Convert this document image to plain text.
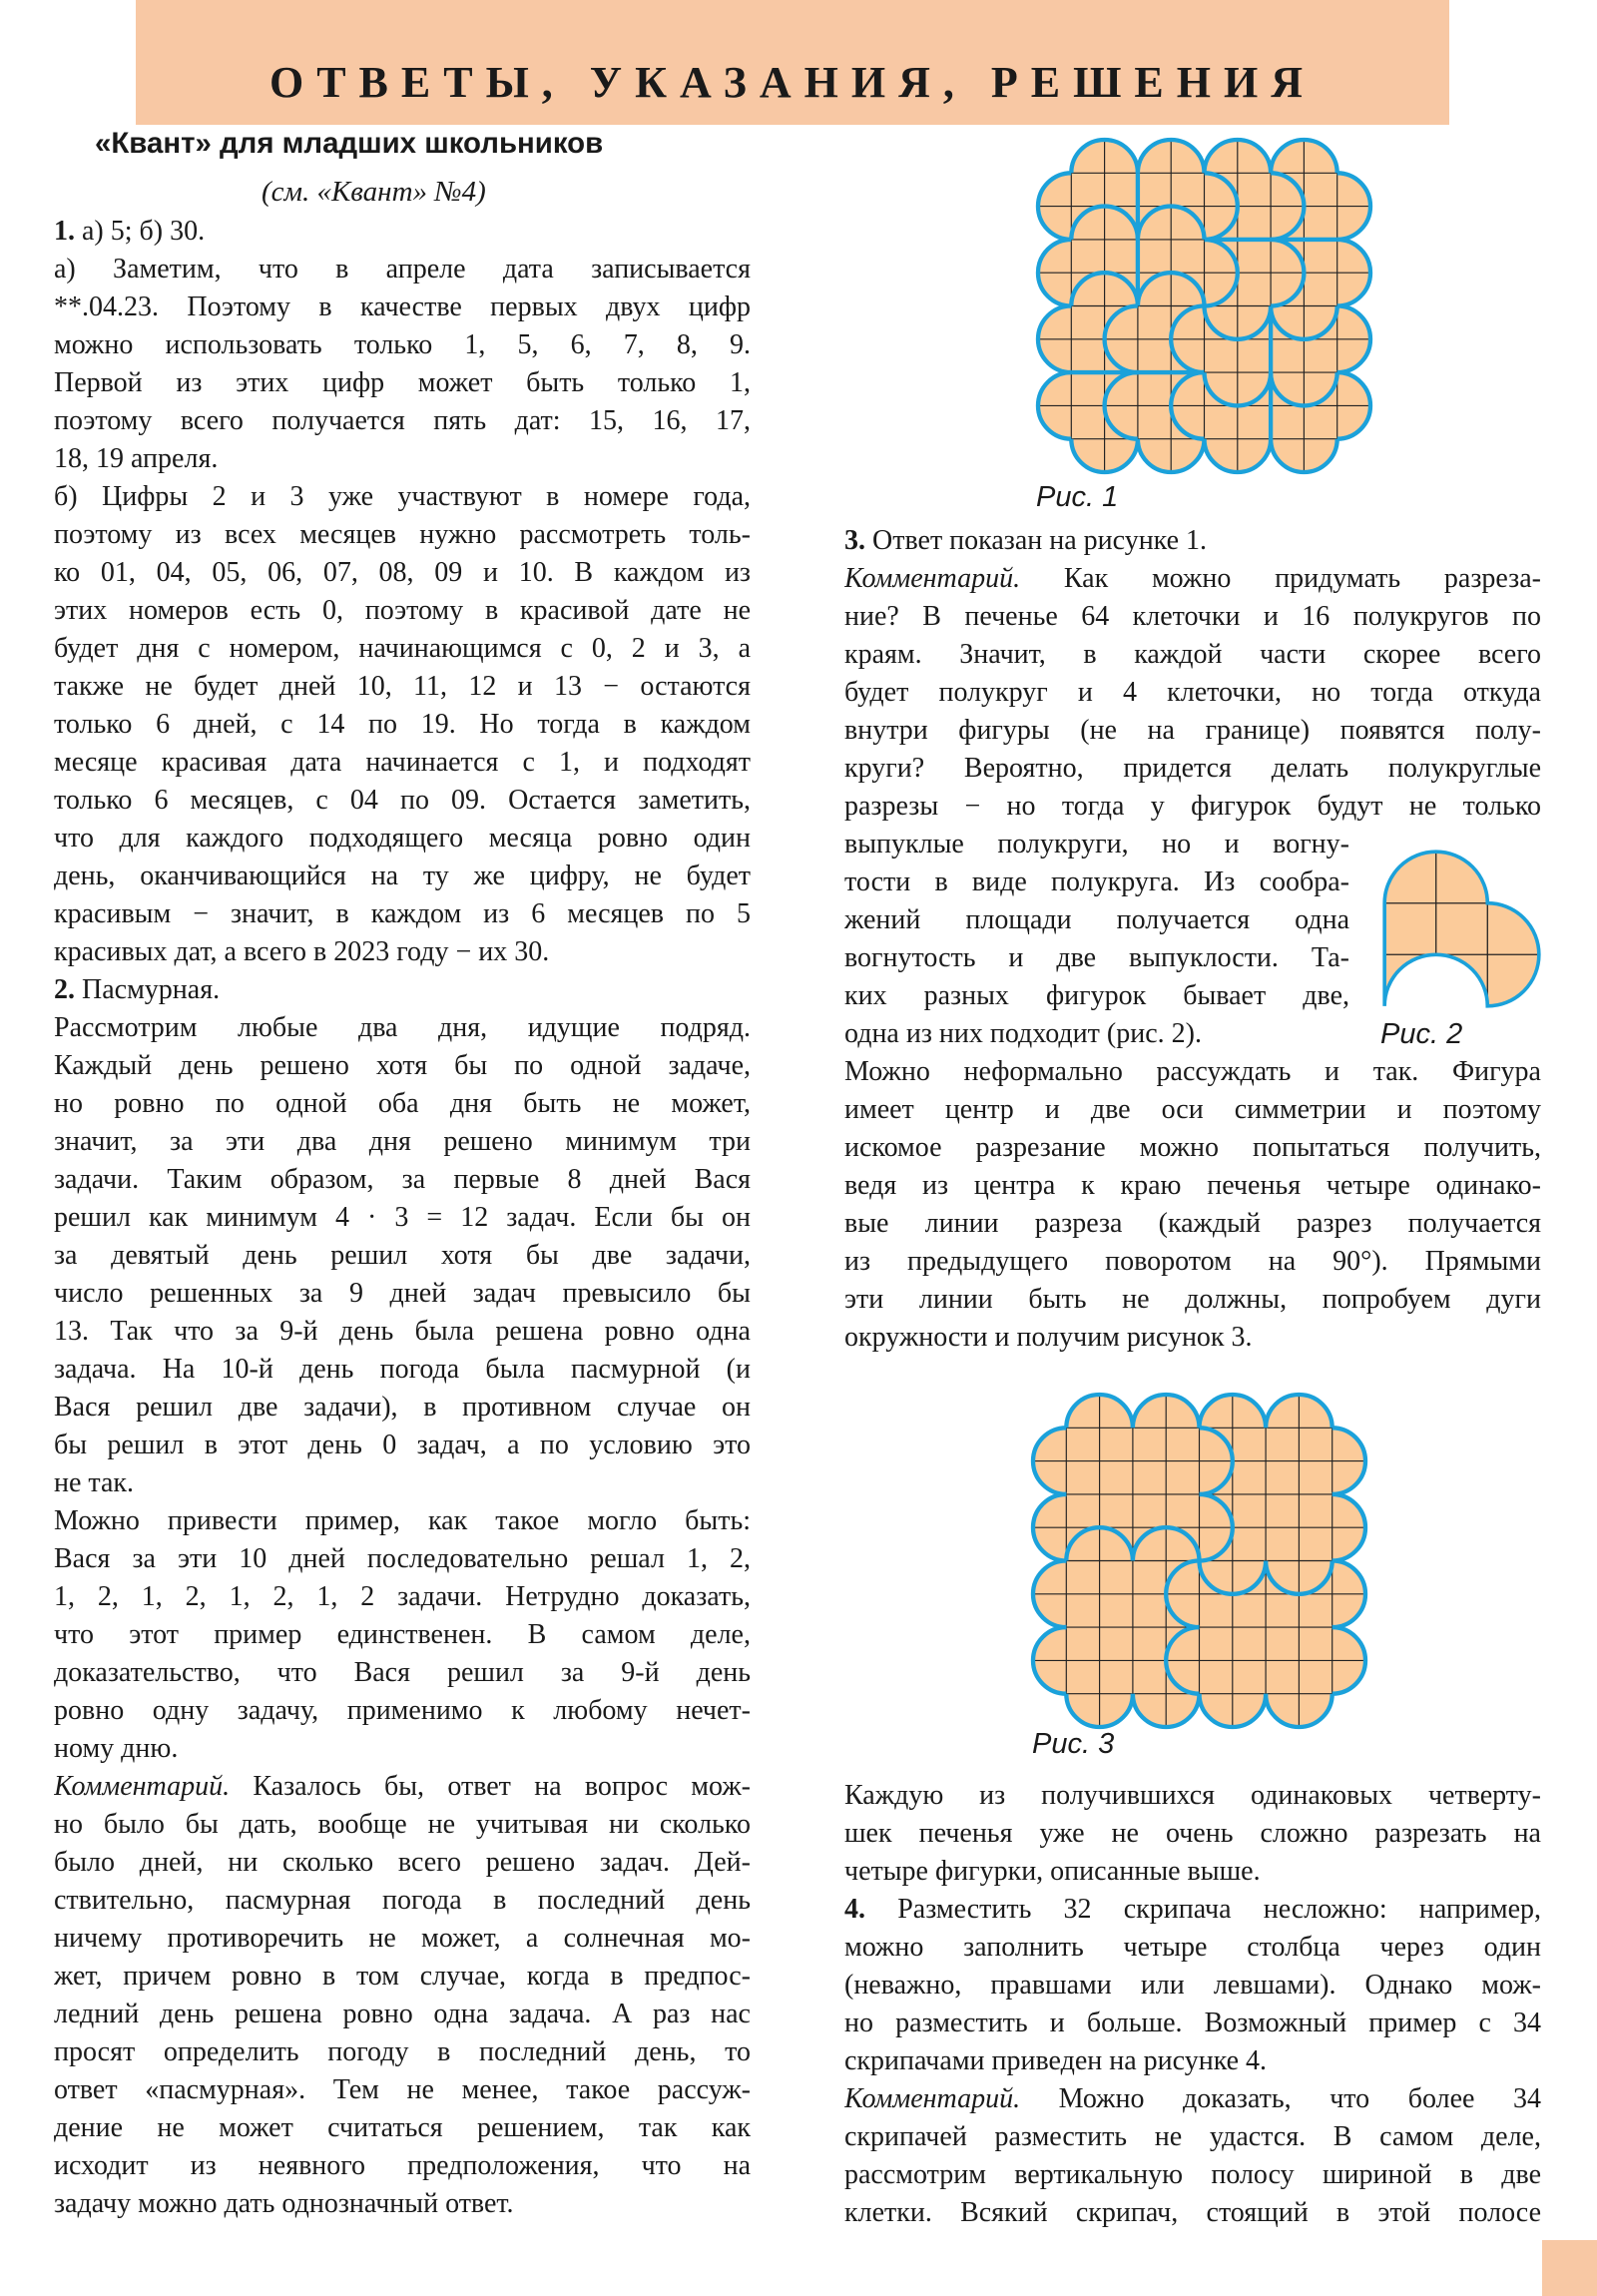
ОТВЕТЫ, УКАЗАНИЯ, РЕШЕНИЯ
«Квант» для младших школьников
(см. «Квант» №4)
1. а) 5; б) 30.
а) Заметим, что в апреле дата записывается
**.04.23. Поэтому в качестве первых двух цифр
можно использовать только 1, 5, 6, 7, 8, 9.
Первой из этих цифр может быть только 1,
поэтому всего получается пять дат: 15, 16, 17,
18, 19 апреля.
б) Цифры 2 и 3 уже участвуют в номере года,
поэтому из всех месяцев нужно рассмотреть толь-
ко 01, 04, 05, 06, 07, 08, 09 и 10. В каждом из
этих номеров есть 0, поэтому в красивой дате не
будет дня с номером, начинающимся с 0, 2 и 3, а
также не будет дней 10, 11, 12 и 13 − остаются
только 6 дней, с 14 по 19. Но тогда в каждом
месяце красивая дата начинается с 1, и подходят
только 6 месяцев, с 04 по 09. Остается заметить,
что для каждого подходящего месяца ровно один
день, оканчивающийся на ту же цифру, не будет
красивым − значит, в каждом из 6 месяцев по 5
красивых дат, а всего в 2023 году − их 30.
2. Пасмурная.
Рассмотрим любые два дня, идущие подряд.
Каждый день решено хотя бы по одной задаче,
но ровно по одной оба дня быть не может,
значит, за эти два дня решено минимум три
задачи. Таким образом, за первые 8 дней Вася
решил как минимум 4 · 3 = 12 задач. Если бы он
за девятый день решил хотя бы две задачи,
число решенных за 9 дней задач превысило бы
13. Так что за 9-й день была решена ровно одна
задача. На 10-й день погода была пасмурной (и
Вася решил две задачи), в противном случае он
бы решил в этот день 0 задач, а по условию это
не так.
Можно привести пример, как такое могло быть:
Вася за эти 10 дней последовательно решал 1, 2,
1, 2, 1, 2, 1, 2, 1, 2 задачи. Нетрудно доказать,
что этот пример единственен. В самом деле,
доказательство, что Вася решил за 9-й день
ровно одну задачу, применимо к любому нечет-
ному дню.
Комментарий. Казалось бы, ответ на вопрос мож-
но было бы дать, вообще не учитывая ни сколько
было дней, ни сколько всего решено задач. Дей-
ствительно, пасмурная погода в последний день
ничему противоречить не может, а солнечная мо-
жет, причем ровно в том случае, когда в предпос-
ледний день решена ровно одна задача. А раз нас
просят определить погоду в последний день, то
ответ «пасмурная». Тем не менее, такое рассуж-
дение не может считаться решением, так как
исходит из неявного предположения, что на
задачу можно дать однозначный ответ.
3. Ответ показан на рисунке 1.
Комментарий. Как можно придумать разреза-
ние? В печенье 64 клеточки и 16 полукругов по
краям. Значит, в каждой части скорее всего
будет полукруг и 4 клеточки, но тогда откуда
внутри фигуры (не на границе) появятся полу-
круги? Вероятно, придется делать полукруглые
разрезы − но тогда у фигурок будут не только
выпуклые полукруги, но и вогну-
тости в виде полукруга. Из сообра-
жений площади получается одна
вогнутость и две выпуклости. Та-
ких разных фигурок бывает две,
одна из них подходит (рис. 2).
Можно неформально рассуждать и так. Фигура
имеет центр и две оси симметрии и поэтому
искомое разрезание можно попытаться получить,
ведя из центра к краю печенья четыре одинако-
вые линии разреза (каждый разрез получается
из предыдущего поворотом на 90°). Прямыми
эти линии быть не должны, попробуем дуги
окружности и получим рисунок 3.
Каждую из получившихся одинаковых четверту-
шек печенья уже не очень сложно разрезать на
четыре фигурки, описанные выше.
4. Разместить 32 скрипача несложно: например,
можно заполнить четыре столбца через один
(неважно, правшами или левшами). Однако мож-
но разместить и больше. Возможный пример с 34
скрипачами приведен на рисунке 4.
Комментарий. Можно доказать, что более 34
скрипачей разместить не удастся. В самом деле,
рассмотрим вертикальную полосу шириной в две
клетки. Всякий скрипач, стоящий в этой полосе
Рис. 1
Рис. 2
Рис. 3
